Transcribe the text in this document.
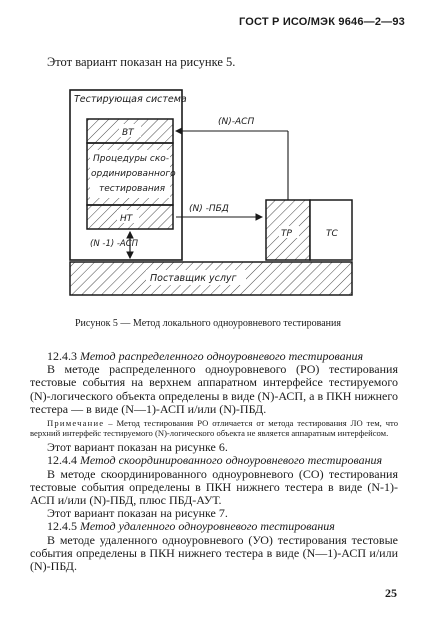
ГОСТ Р ИСО/МЭК 9646—2—93
Этот вариант показан на рисунке 5.
Тестирующая система
ВТ
Процедуры ско-
ординированного
тестирования
НТ
ТР	ТС
Поставщик услуг
(N)-АСП
(N) -ПБД
(N -1) -АСП
Рисунок 5 — Метод локального одноуровневого тестирования

12.4.3 Метод распределенного одноуровневого тестирования

В методе распределенного одноуровневого (РО) тестирования тестовые события на верхнем аппаратном интерфейсе тестируемого (N)-логического объекта определены в виде (N)-АСП, а в ПКН нижнего тестера — в виде (N—1)-АСП и/или (N)-ПБД.

Примечание – Метод тестирования РО отличается от метода тестирования ЛО тем, что верхний интерфейс тестируемого (N)-логического объекта не является аппаратным интерфейсом.

Этот вариант показан на рисунке 6.

12.4.4 Метод скоординированного одноуровневого тестирования

В методе скоординированного одноуровневого (СО) тестирования тестовые события определены в ПКН нижнего тестера в виде (N‑1)-АСП и/или (N)-ПБД, плюс ПБД-АУТ.

Этот вариант показан на рисунке 7.

12.4.5 Метод удаленного одноуровневого тестирования

В методе удаленного одноуровневого (УО) тестирования тестовые события определены в ПКН нижнего тестера в виде (N—1)-АСП и/или (N)-ПБД.

25
